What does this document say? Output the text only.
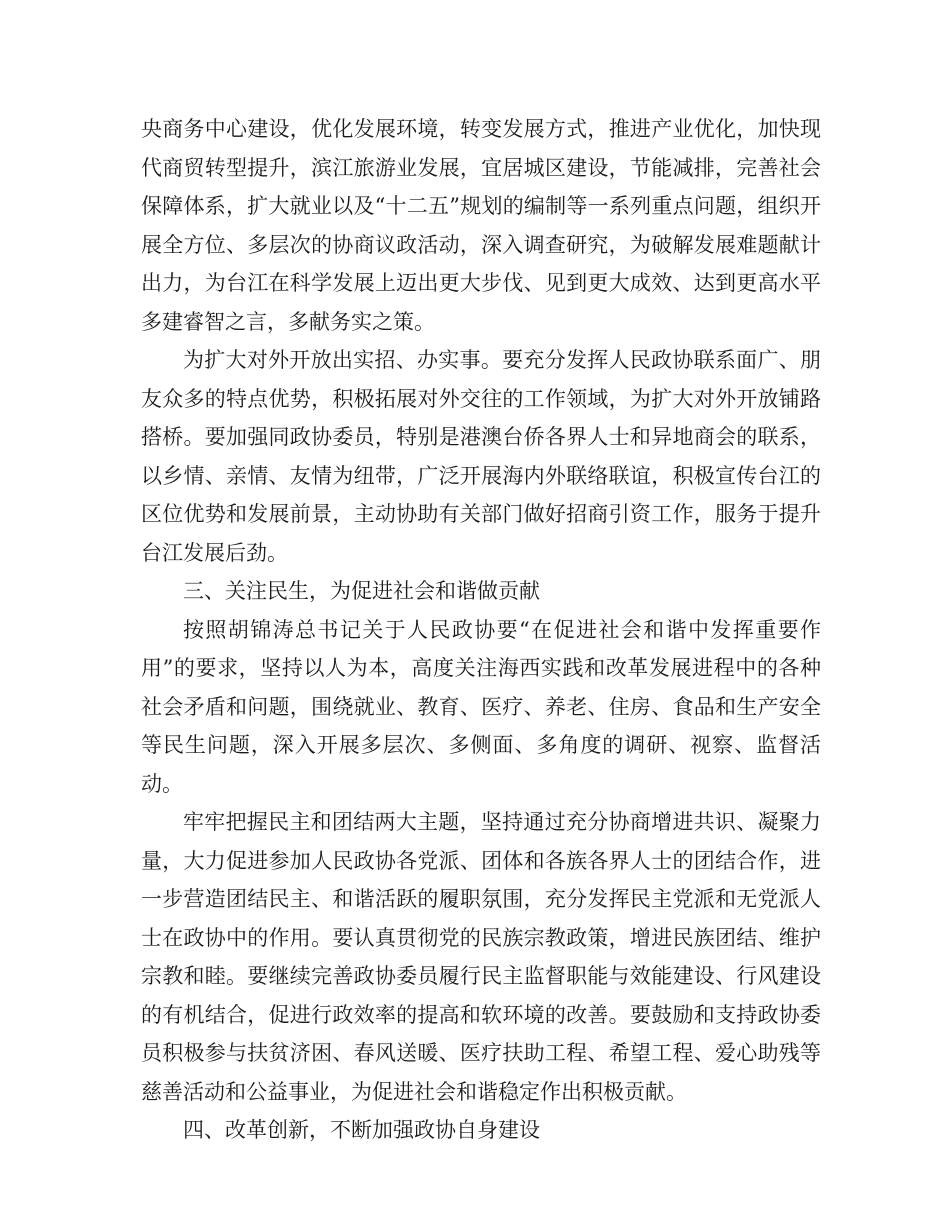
央商务中心建设，优化发展环境，转变发展方式，推进产业优化，加快现代商贸转型提升，滨江旅游业发展，宜居城区建设，节能减排，完善社会保障体系，扩大就业以及“十二五”规划的编制等一系列重点问题，组织开展全方位、多层次的协商议政活动，深入调查研究，为破解发展难题献计出力，为台江在科学发展上迈出更大步伐、见到更大成效、达到更高水平多建睿智之言，多献务实之策。

为扩大对外开放出实招、办实事。要充分发挥人民政协联系面广、朋友众多的特点优势，积极拓展对外交往的工作领域，为扩大对外开放铺路搭桥。要加强同政协委员，特别是港澳台侨各界人士和异地商会的联系，以乡情、亲情、友情为纽带，广泛开展海内外联络联谊，积极宣传台江的区位优势和发展前景，主动协助有关部门做好招商引资工作，服务于提升台江发展后劲。

三、关注民生，为促进社会和谐做贡献

按照胡锦涛总书记关于人民政协要“在促进社会和谐中发挥重要作用”的要求，坚持以人为本，高度关注海西实践和改革发展进程中的各种社会矛盾和问题，围绕就业、教育、医疗、养老、住房、食品和生产安全等民生问题，深入开展多层次、多侧面、多角度的调研、视察、监督活动。

牢牢把握民主和团结两大主题，坚持通过充分协商增进共识、凝聚力量，大力促进参加人民政协各党派、团体和各族各界人士的团结合作，进一步营造团结民主、和谐活跃的履职氛围，充分发挥民主党派和无党派人士在政协中的作用。要认真贯彻党的民族宗教政策，增进民族团结、维护宗教和睦。要继续完善政协委员履行民主监督职能与效能建设、行风建设的有机结合，促进行政效率的提高和软环境的改善。要鼓励和支持政协委员积极参与扶贫济困、春风送暖、医疗扶助工程、希望工程、爱心助残等慈善活动和公益事业，为促进社会和谐稳定作出积极贡献。

四、改革创新，不断加强政协自身建设
